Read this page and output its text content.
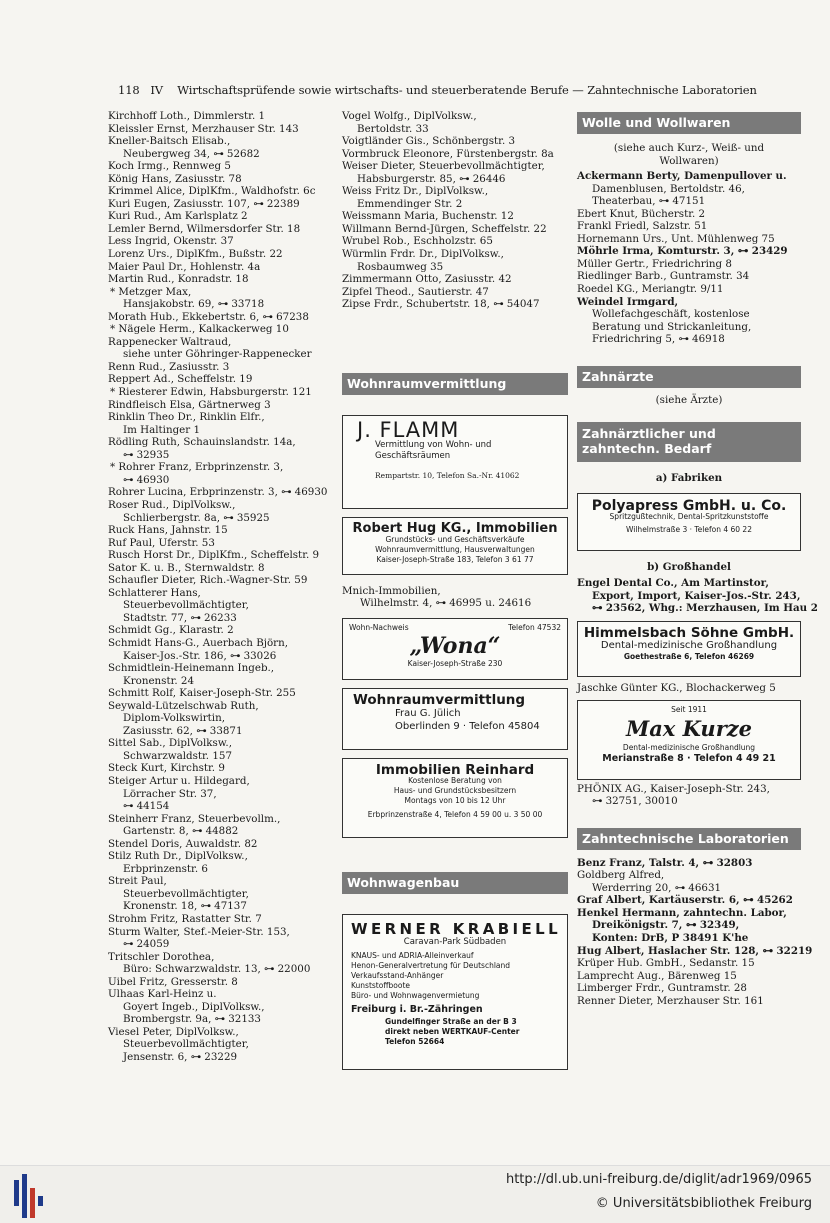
118 IV Wirtschaftsprüfende sowie wirtschafts- und steuerberatende Berufe — Zahntechnische Laboratorien
Kirchhoff Loth., Dimmlerstr. 1
Kleissler Ernst, Merzhauser Str. 143
Kneller-Baitsch Elisab.,
Neubergweg 34, ⊶ 52682
Koch Irmg., Rennweg 5
König Hans, Zasiusstr. 78
Krimmel Alice, DiplKfm., Waldhofstr. 6c
Kuri Eugen, Zasiusstr. 107, ⊶ 22389
Kuri Rud., Am Karlsplatz 2
Lemler Bernd, Wilmersdorfer Str. 18
Less Ingrid, Okenstr. 37
Lorenz Urs., DiplKfm., Bußstr. 22
Maier Paul Dr., Hohlenstr. 4a
Martin Rud., Konradstr. 18
* Metzger Max,
Hansjakobstr. 69, ⊶ 33718
Morath Hub., Ekkebertstr. 6, ⊶ 67238
* Nägele Herm., Kalkackerweg 10
Rappenecker Waltraud,
siehe unter Göhringer-Rappenecker
Renn Rud., Zasiusstr. 3
Reppert Ad., Scheffelstr. 19
* Riesterer Edwin, Habsburgerstr. 121
Rindfleisch Elsa, Gärtnerweg 3
Rinklin Theo Dr., Rinklin Elfr.,
Im Haltinger 1
Rödling Ruth, Schauinslandstr. 14a,
⊶ 32935
* Rohrer Franz, Erbprinzenstr. 3,
⊶ 46930
Rohrer Lucina, Erbprinzenstr. 3, ⊶ 46930
Roser Rud., DiplVolksw.,
Schlierbergstr. 8a, ⊶ 35925
Ruck Hans, Jahnstr. 15
Ruf Paul, Uferstr. 53
Rusch Horst Dr., DiplKfm., Scheffelstr. 9
Sator K. u. B., Sternwaldstr. 8
Schaufler Dieter, Rich.-Wagner-Str. 59
Schlatterer Hans,
Steuerbevollmächtigter,
Stadtstr. 77, ⊶ 26233
Schmidt Gg., Klarastr. 2
Schmidt Hans-G., Auerbach Björn,
Kaiser-Jos.-Str. 186, ⊶ 33026
Schmidtlein-Heinemann Ingeb.,
Kronenstr. 24
Schmitt Rolf, Kaiser-Joseph-Str. 255
Seywald-Lützelschwab Ruth,
Diplom-Volkswirtin,
Zasiusstr. 62, ⊶ 33871
Sittel Sab., DiplVolksw.,
Schwarzwaldstr. 157
Steck Kurt, Kirchstr. 9
Steiger Artur u. Hildegard,
Lörracher Str. 37,
⊶ 44154
Steinherr Franz, Steuerbevollm.,
Gartenstr. 8, ⊶ 44882
Stendel Doris, Auwaldstr. 82
Stilz Ruth Dr., DiplVolksw.,
Erbprinzenstr. 6
Streit Paul,
Steuerbevollmächtigter,
Kronenstr. 18, ⊶ 47137
Strohm Fritz, Rastatter Str. 7
Sturm Walter, Stef.-Meier-Str. 153,
⊶ 24059
Tritschler Dorothea,
Büro: Schwarzwaldstr. 13, ⊶ 22000
Uibel Fritz, Gresserstr. 8
Ulhaas Karl-Heinz u.
Goyert Ingeb., DiplVolksw.,
Brombergstr. 9a, ⊶ 32133
Viesel Peter, DiplVolksw.,
Steuerbevollmächtigter,
Jensenstr. 6, ⊶ 23229
Vogel Wolfg., DiplVolksw.,
Bertoldstr. 33
Voigtländer Gis., Schönbergstr. 3
Vormbruck Eleonore, Fürstenbergstr. 8a
Weiser Dieter, Steuerbevollmächtigter,
Habsburgerstr. 85, ⊶ 26446
Weiss Fritz Dr., DiplVolksw.,
Emmendinger Str. 2
Weissmann Maria, Buchenstr. 12
Willmann Bernd-Jürgen, Scheffelstr. 22
Wrubel Rob., Eschholzstr. 65
Würmlin Frdr. Dr., DiplVolksw.,
Rosbaumweg 35
Zimmermann Otto, Zasiusstr. 42
Zipfel Theod., Sautierstr. 47
Zipse Frdr., Schubertstr. 18, ⊶ 54047
Wohnraumvermittlung
J. FLAMM
Vermittlung von Wohn- und
Geschäftsräumen
Rempartstr. 10, Telefon Sa.-Nr. 41062
Robert Hug KG., Immobilien
Grundstücks- und Geschäftsverkäufe
Wohnraumvermittlung, Hausverwaltungen
Kaiser-Joseph-Straße 183, Telefon 3 61 77
Mnich-Immobilien,
Wilhelmstr. 4, ⊶ 46995 u. 24616
Wohn-Nachweis	Telefon 47532
„Wona“
Kaiser-Joseph-Straße 230
Wohnraumvermittlung
Frau G. Jülich
Oberlinden 9 · Telefon 45804
Immobilien Reinhard
Kostenlose Beratung von
Haus- und Grundstücksbesitzern
Montags von 10 bis 12 Uhr
Erbprinzenstraße 4, Telefon 4 59 00 u. 3 50 00
Wohnwagenbau
WERNER KRABIELL
Caravan-Park Südbaden
KNAUS- und ADRIA-Alleinverkauf
Henon-Generalvertretung für Deutschland
Verkaufsstand-Anhänger
Kunststoffboote
Büro- und Wohnwagenvermietung
Freiburg i. Br.-Zähringen
Gundelfinger Straße an der B 3
direkt neben WERTKAUF-Center
Telefon 52664
Wolle und Wollwaren
(siehe auch Kurz-, Weiß- und
Wollwaren)
Ackermann Berty, Damenpullover u.
Damenblusen, Bertoldstr. 46,
Theaterbau, ⊶ 47151
Ebert Knut, Bücherstr. 2
Frankl Friedl, Salzstr. 51
Hornemann Urs., Unt. Mühlenweg 75
Möhrle Irma, Komturstr. 3, ⊶ 23429
Müller Gertr., Friedrichring 8
Riedlinger Barb., Guntramstr. 34
Roedel KG., Meriangtr. 9/11
Weindel Irmgard,
Wollefachgeschäft, kostenlose
Beratung und Strickanleitung,
Friedrichring 5, ⊶ 46918
Zahnärzte
(siehe Ärzte)
Zahnärztlicher und zahntechn. Bedarf
a) Fabriken
Polyapress GmbH. u. Co.
Spritzgußtechnik, Dental-Spritzkunststoffe
Wilhelmstraße 3 · Telefon 4 60 22
b) Großhandel
Engel Dental Co., Am Martinstor,
Export, Import, Kaiser-Jos.-Str. 243,
⊶ 23562, Whg.: Merzhausen, Im Hau 2
Himmelsbach Söhne GmbH.
Dental-medizinische Großhandlung
Goethestraße 6, Telefon 46269
Jaschke Günter KG., Blochackerweg 5
Seit 1911
Max Kurze
Dental-medizinische Großhandlung
Merianstraße 8 · Telefon 4 49 21
PHÖNIX AG., Kaiser-Joseph-Str. 243,
⊶ 32751, 30010
Zahntechnische Laboratorien
Benz Franz, Talstr. 4, ⊶ 32803
Goldberg Alfred,
Werderring 20, ⊶ 46631
Graf Albert, Kartäuserstr. 6, ⊶ 45262
Henkel Hermann, zahntechn. Labor,
Dreikönigstr. 7, ⊶ 32349,
Konten: DrB, P 38491 K'he
Hug Albert, Haslacher Str. 128, ⊶ 32219
Krüper Hub. GmbH., Sedanstr. 15
Lamprecht Aug., Bärenweg 15
Limberger Frdr., Guntramstr. 28
Renner Dieter, Merzhauser Str. 161
http://dl.ub.uni-freiburg.de/diglit/adr1969/0965
© Universitätsbibliothek Freiburg
